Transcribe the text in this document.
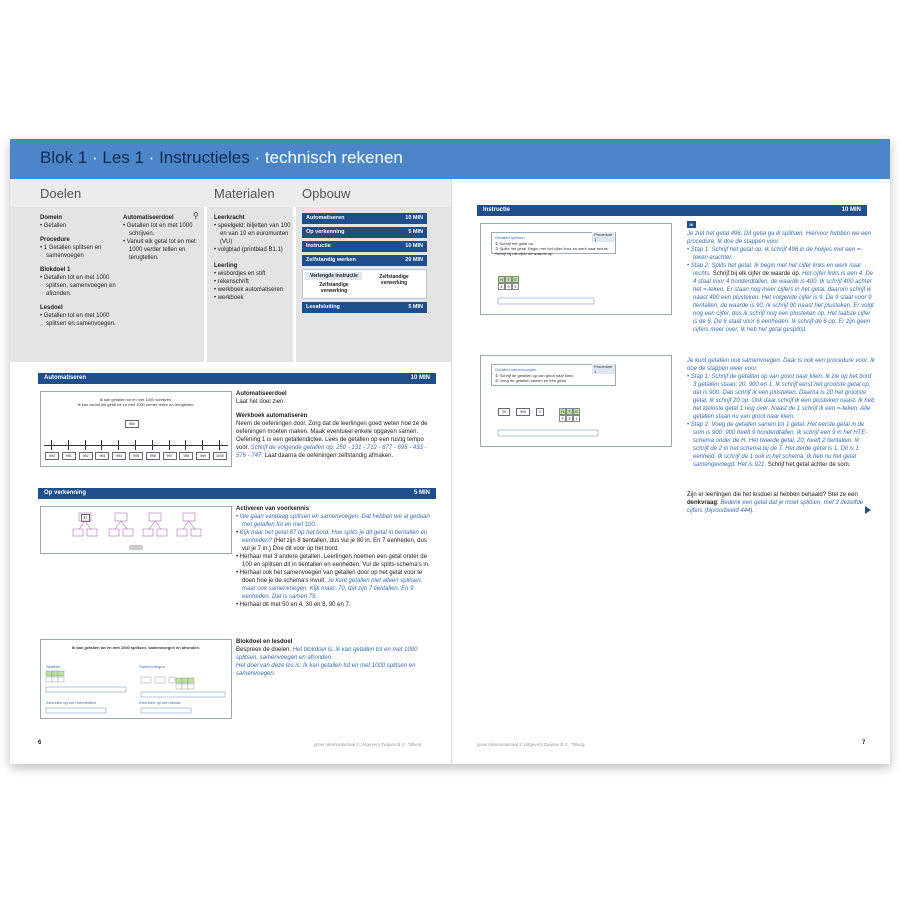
Blok 1 · Les 1 · Instructieles · technisch rekenen
Doelen	Materialen Opbouw
Domein
• Getallen
Procedure
• 1 Getallen splitsen en samenvoegen
Blokdoel 1
• Getallen tot en met 1000 splitsen, samenvoegen en afronden.
Lesdoel
• Getallen tot en met 1000 splitsen en samenvoegen.
Automatiseerdoel
• Getallen tot en met 1000 schrijven.
• Vanuit elk getal tot en met 1000 verder tellen en terugtellen.
⚲	Leerkracht
• speelgeld: biljetten van 100 en van 10 en euromunten (VU)
• volgblad (printblad B1.1)
Leerling
• wisbordjes en stift
• rekenschrift
• werkboek automatiseren
• werkboek
Automatiseren	10 MIN
Op verkenning	5 MIN
Instructie	10 MIN
Zelfstandig werken	20 MIN
Verlengde instructie
Zelfstandige verwerking
Zelfstandige verwerking
Lesafsluiting	5 MIN
Automatiseren	10 MIN
Ik kan getallen tot en met 1000 schrijven.
Ik kan vanuit elk getal tot en met 1000 verder tellen en terugtellen.
950
990	991	992	993	994	995	996	997	998	999	1000
Automatiseerdoel
Laat het doel zien.
Werkboek automatiseren
Neem de oefeningen door. Zorg dat de leerlingen goed weten hoe ze de oefeningen moeten maken. Maak eventueel enkele opgaven samen. Oefening 1 is een getallendictee. Lees de getallen op een rustig tempo voor. Schrijf de volgende getallen op: 250 - 131 - 712 - 877 - 695 - 433 - 576 - 747. Laat daarna de oefeningen zelfstandig afmaken.
Op verkenning	5 MIN
87
Activeren van voorkennis
• We gaan vandaag splitsen en samenvoegen. Dat hebben we al gedaan met getallen tot en met 100.
• Kijk naar het getal 87 op het bord. Hoe splits je dit getal in tientallen en eenheden? (Het zijn 8 tientallen, dus vul je 80 in. En 7 eenheden, dus vul je 7 in.) Doe dit voor op het bord.
• Herhaal met 3 andere getallen. Leerlingen noemen een getal onder de 100 en splitsen dit in tientallen en eenheden. Vul de splits-schema's in.
• Herhaal ook het samenvoegen van getallen door op het getal voor te doen hoe je de schema's invult. Je kunt getallen niet alleen splitsen, maar ook samenvoegen. Kijk maar: 70, dat zijn 7 tientallen. En 9 eenheden. Dat is samen 79.
• Herhaal dit met 50 en 4, 30 en 8, 90 en 7.
Ik kan getallen tot en met 1000 splitsen, samenvoegen en afronden.
Splitsen	Samenvoegen
Afronden op een honderdtal	Afronden op een tiental
Blokdoel en lesdoel
Bespreek de doelen. Het blokdoel is: Ik kan getallen tot en met 1000 splitsen, samenvoegen en afronden.
Het doel van deze les is: Ik kan getallen tot en met 1000 splitsen en samenvoegen.
6	groei rekenmateriaal © Uitgeverij Zwijsen B.V., Tilburg
Instructie	10 MIN
Getallen splitsen
Procedure 1
① Schrijf het getal op.
② Splits het getal. Begin met het cijfer links en werk naar rechts. Schrijf bij elk cijfer de waarde op.
H	T	E
4	9	6
IK
Je ziet het getal 496. Dit getal ga ik splitsen. Hiervoor hebben we een procedure. Ik doe de stappen voor.
• Stap 1: Schrijf het getal op. Ik schrijf 496 in de hokjes met een =-teken erachter.
• Stap 2: Splits het getal. Ik begin met het cijfer links en werk naar rechts. Schrijf bij elk cijfer de waarde op. Het cijfer links is een 4. De 4 staat voor 4 honderdtallen, de waarde is 400. Ik schrijf 400 achter het =-teken. Er staan nog meer cijfers in het getal, daarom schrijf ik naast 400 een plusteken. Het volgende cijfer is 9. De 9 staat voor 9 tientallen, de waarde is 90. Ik schrijf 90 naast het plusteken. Er volgt nog een cijfer, dus ik schrijf nog een plusteken op. Het laatste cijfer is de 6. De 6 staat voor 6 eenheden. Ik schrijf de 6 op. Er zijn geen cijfers meer over. Ik heb het getal gesplitst.
Getallen samenvoegen
Procedure 1
① Schrijf de getallen op van groot naar klein.
② Voeg de getallen samen tot één getal.
20	900	1	H	T	E
9	2	1
Je kunt getallen ook samenvoegen. Daar is ook een procedure voor. Ik doe de stappen weer voor.
• Stap 1: Schrijf de getallen op van groot naar klein. Ik zie op het bord 3 getallen staan: 20, 900 en 1. Ik schrijf eerst het grootste getal op, dat is 900. Dan schrijf ik een plusteken. Daarna is 20 het grootste getal. Ik schrijf 20 op. Ook daar schrijf ik een plusteken naast. Ik heb het kleinste getal 1 nog over. Naast de 1 schrijf ik een =-teken. Alle getallen staan nu van groot naar klein.
• Stap 2: Voeg de getallen samen tot 1 getal. Het eerste getal in de som is 900. 900 heeft 9 honderdtallen. Ik schrijf een 9 in het HTE-schema onder de H. Het tweede getal, 20, heeft 2 tientallen. Ik schrijf de 2 in het schema bij de T. Het derde getal is 1. Dit is 1 eenheid. Ik schrijf de 1 ook in het schema. Ik heb nu het getal samengevoegd. Het is 921. Schrijf het getal achter de som.
Zijn er leerlingen die het lesdoel al hebben behaald? Stel ze een denkvraag: Bedenk een getal dat je moet splitsen, met 3 dezelfde cijfers (bijvoorbeeld 444).
groei rekenmateriaal © Uitgeverij Zwijsen B.V., Tilburg	7
